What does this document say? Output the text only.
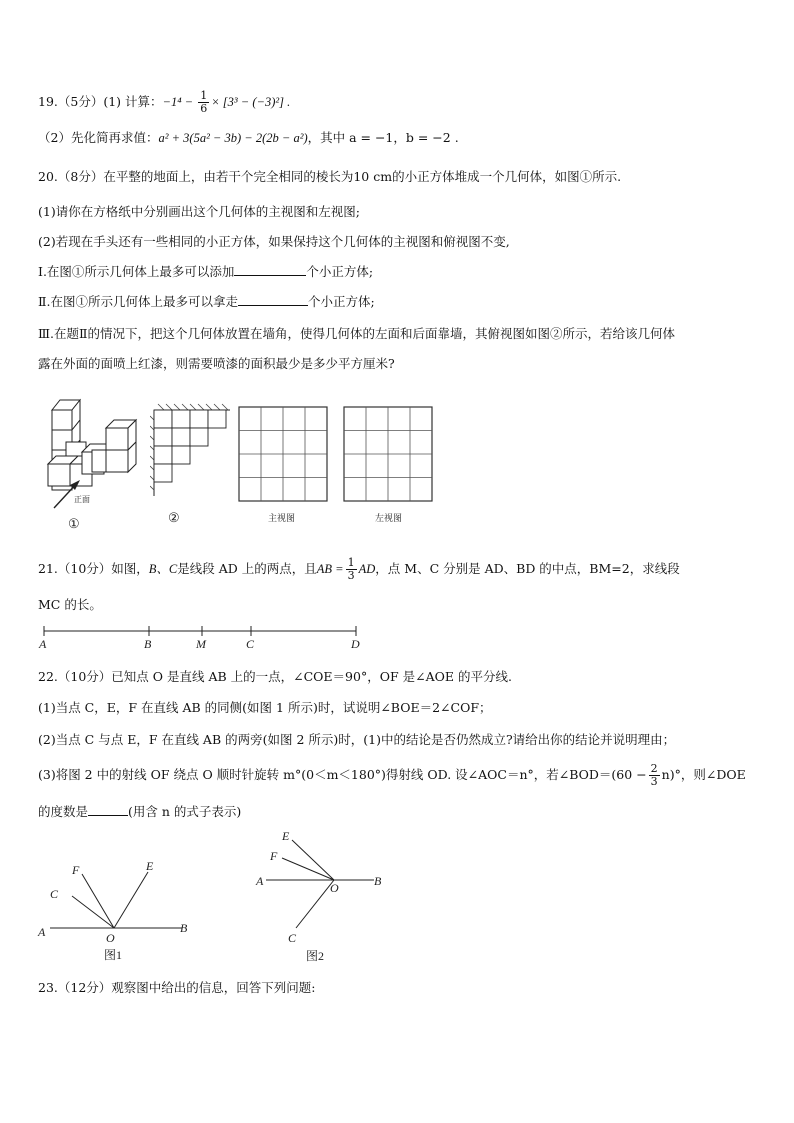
19.（5分）(1) 计算：$-1^4 - \frac{1}{6} \times [3^3 - (-3)^2]$ .
（2）先化简再求值：a² + 3(5a² − 3b) − 2(2b − a²)，其中 a = −1，b = −2 .
20.（8分）在平整的地面上，由若干个完全相同的棱长为10 cm的小正方体堆成一个几何体，如图①所示.
(1)请你在方格纸中分别画出这个几何体的主视图和左视图;
(2)若现在手头还有一些相同的小正方体，如果保持这个几何体的主视图和俯视图不变,
Ⅰ.在图①所示几何体上最多可以添加	个小正方体;
Ⅱ.在图①所示几何体上最多可以拿走	个小正方体;
Ⅲ.在题Ⅱ的情况下，把这个几何体放置在墙角，使得几何体的左面和后面靠墙，其俯视图如图②所示，若给该几何体
露在外面的面喷上红漆，则需要喷漆的面积最少是多少平方厘米?
正面
①	②	主视图	左视图
21.（10分）如图，B、C是线段 AD 上的两点，且AB = $\frac{1}{3}$ AD，点 M、C 分别是 AD、BD 的中点，BM=2，求线段
MC 的长。
A	B	M	C	D
22.（10分）已知点 O 是直线 AB 上的一点，∠COE＝90°，OF 是∠AOE 的平分线.
(1)当点 C，E，F 在直线 AB 的同侧(如图 1 所示)时，试说明∠BOE＝2∠COF；
(2)当点 C 与点 E，F 在直线 AB 的两旁(如图 2 所示)时，(1)中的结论是否仍然成立?请给出你的结论并说明理由；
(3)将图 2 中的射线 OF 绕点 O 顺时针旋转 m°(0＜m＜180°)得射线 OD. 设∠AOC＝n°，若∠BOD＝(60 − $\frac{2}{3} n)^\circ$，则∠DOE
的度数是	(用含 n 的式子表示)
A	B
O
C
F	E
图1
A	B
O
C
F
E
图2
23.（12分）观察图中给出的信息，回答下列问题:
